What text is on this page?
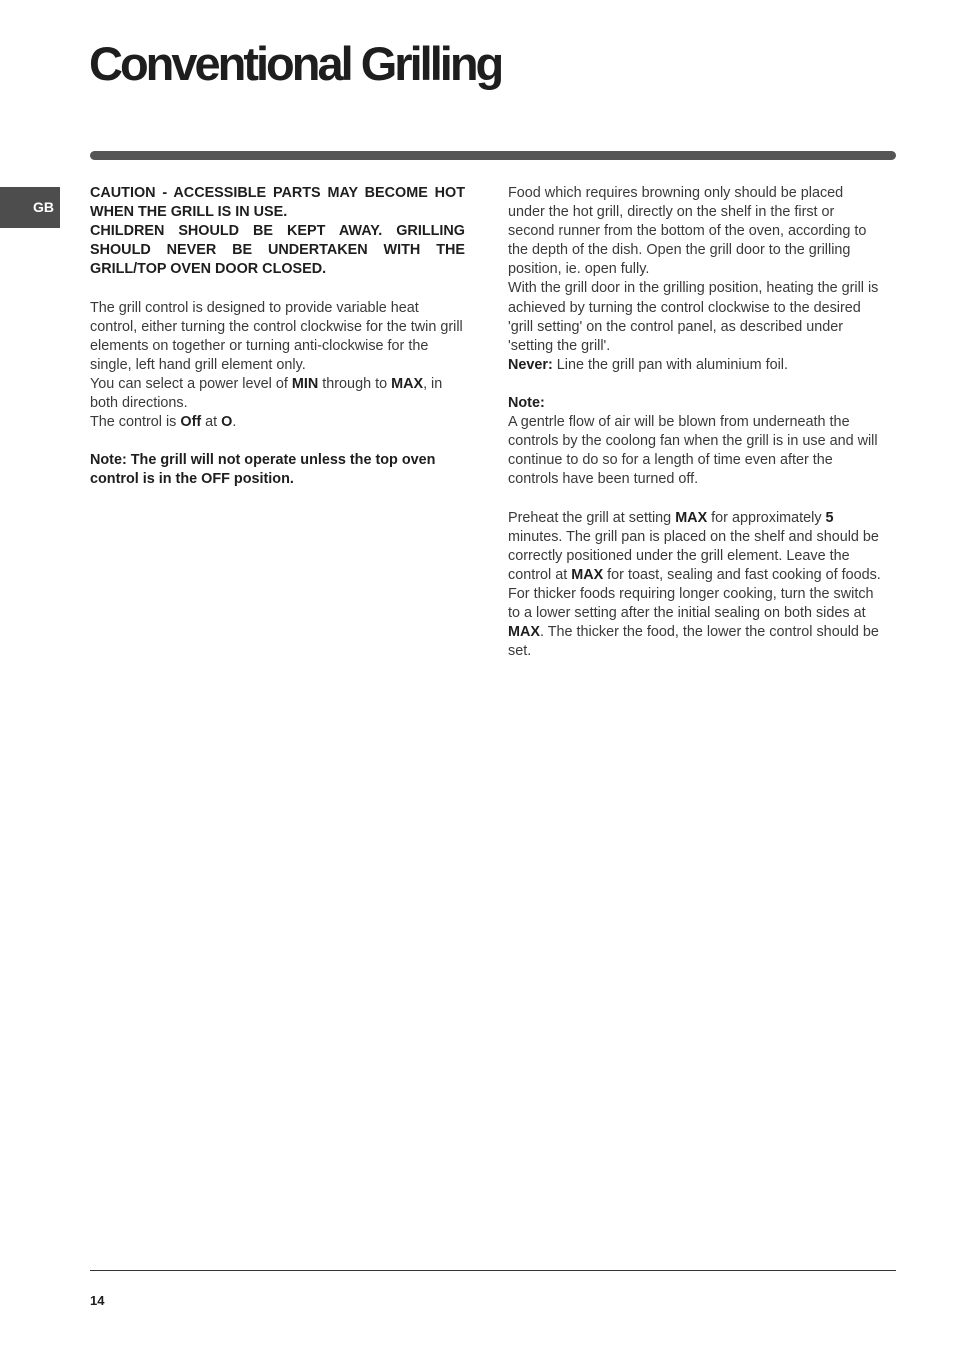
Conventional Grilling
GB

CAUTION - ACCESSIBLE PARTS MAY BECOME HOT WHEN THE GRILL IS IN USE.

CHILDREN SHOULD BE KEPT AWAY. GRILLING SHOULD NEVER BE UNDERTAKEN WITH THE GRILL/TOP OVEN DOOR CLOSED.

The grill control is designed to provide variable heat control, either turning the control clockwise for the twin grill elements on together or turning anti-clockwise for the single, left hand grill element only.
You can select a power level of MIN through to MAX, in both directions.
The control is Off at O.

Note: The grill will not operate unless the top oven control is in the OFF position.

Food which requires browning only should be placed under the hot grill, directly on the shelf in the first or second runner from the bottom of the oven, according to the depth of the dish. Open the grill door to the grilling position, ie. open fully.

With the grill door in the grilling position, heating the grill is achieved by turning the control clockwise to the desired 'grill setting' on the control panel, as described under 'setting the grill'.

Never: Line the grill pan with aluminium foil.

Note:

A gentrle flow of air will be blown from underneath the controls by the coolong fan when the grill is in use and will continue to do so for a length of time even after the controls have been turned off.

Preheat the grill at setting MAX for approximately 5 minutes. The grill pan is placed on the shelf and should be correctly positioned under the grill element. Leave the control at MAX for toast, sealing and fast cooking of foods. For thicker foods requiring longer cooking, turn the switch to a lower setting after the initial sealing on both sides at MAX. The thicker the food, the lower the control should be set.

14
